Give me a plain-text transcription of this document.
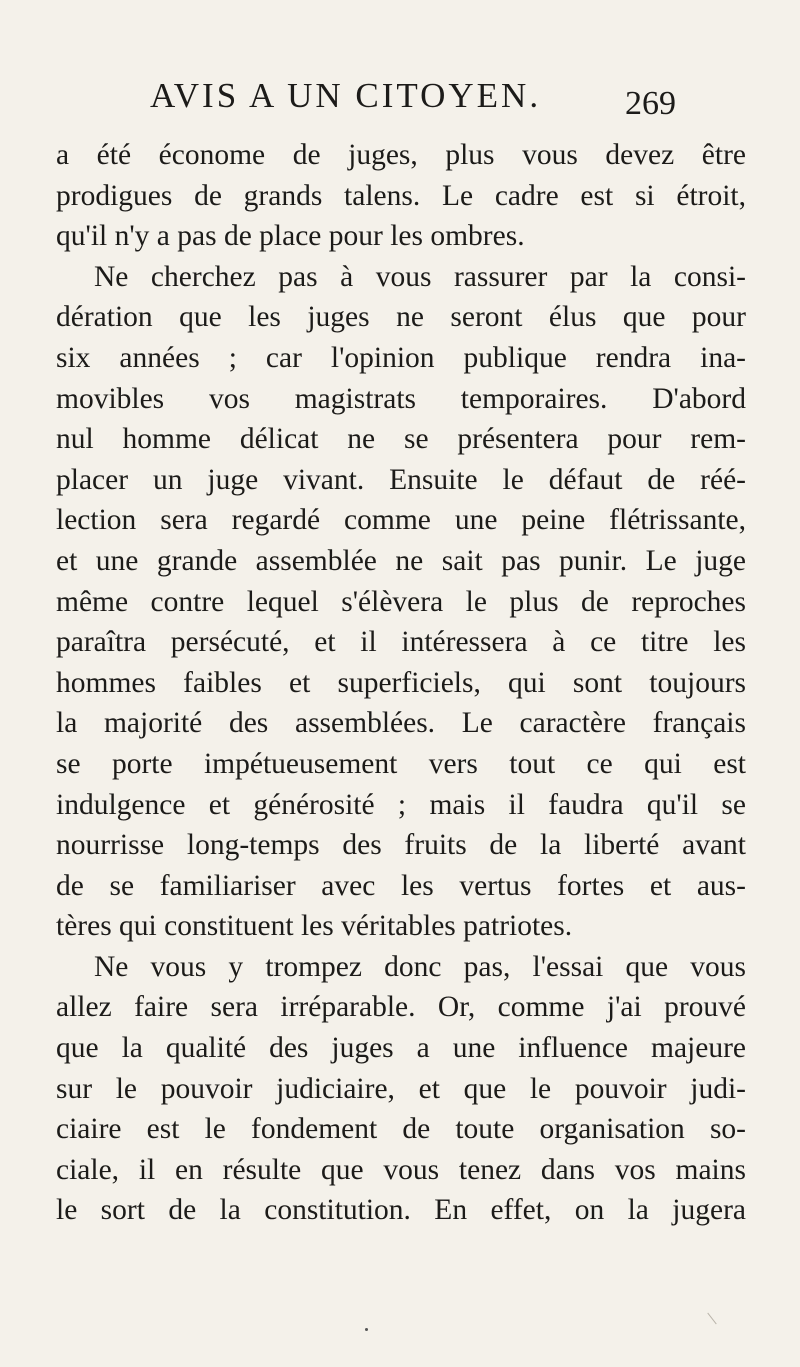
AVIS A UN CITOYEN. 269
a été économe de juges, plus vous devez être
prodigues de grands talens. Le cadre est si étroit,
qu'il n'y a pas de place pour les ombres.
Ne cherchez pas à vous rassurer par la consi-
dération que les juges ne seront élus que pour
six années ; car l'opinion publique rendra ina-
movibles vos magistrats temporaires. D'abord
nul homme délicat ne se présentera pour rem-
placer un juge vivant. Ensuite le défaut de réé-
lection sera regardé comme une peine flétrissante,
et une grande assemblée ne sait pas punir. Le juge
même contre lequel s'élèvera le plus de reproches
paraîtra persécuté, et il intéressera à ce titre les
hommes faibles et superficiels, qui sont toujours
la majorité des assemblées. Le caractère français
se porte impétueusement vers tout ce qui est
indulgence et générosité ; mais il faudra qu'il se
nourrisse long-temps des fruits de la liberté avant
de se familiariser avec les vertus fortes et aus-
tères qui constituent les véritables patriotes.
Ne vous y trompez donc pas, l'essai que vous
allez faire sera irréparable. Or, comme j'ai prouvé
que la qualité des juges a une influence majeure
sur le pouvoir judiciaire, et que le pouvoir judi-
ciaire est le fondement de toute organisation so-
ciale, il en résulte que vous tenez dans vos mains
le sort de la constitution. En effet, on la jugera
